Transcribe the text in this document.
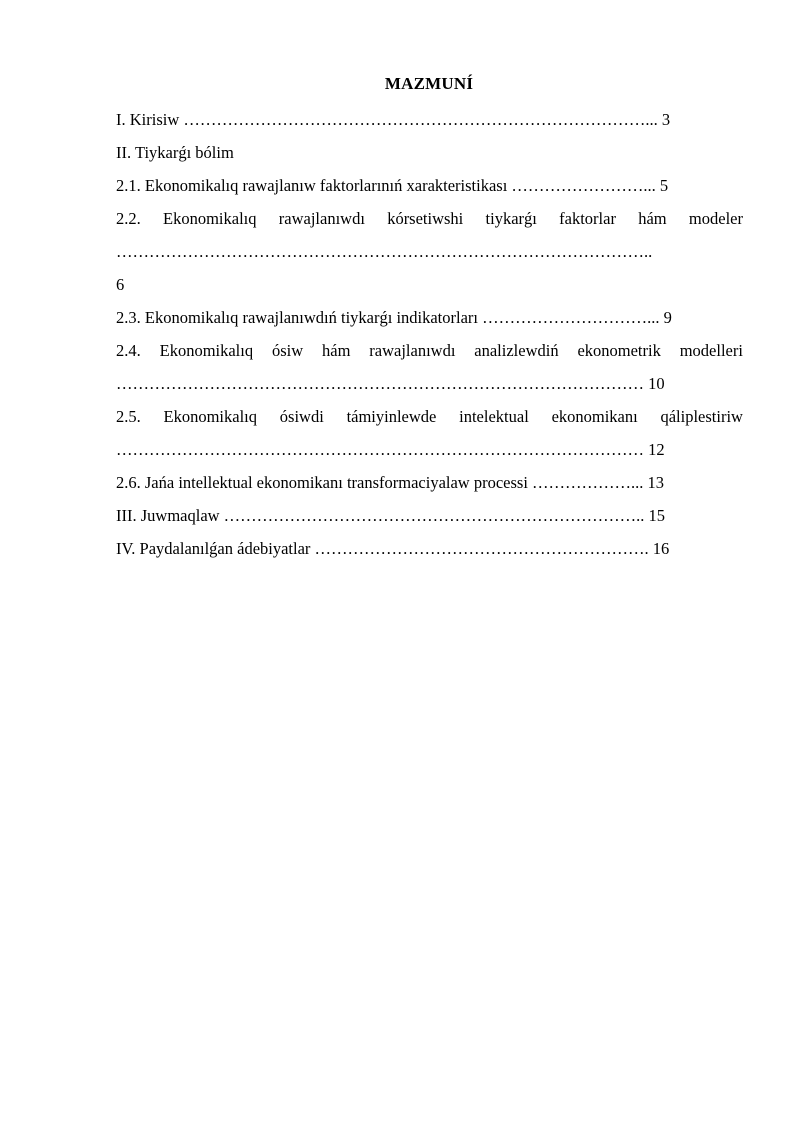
MAZMUNÍ
I. Kirisiw …………………………………………………………………………... 3
II. Tiykarǵı bólim
2.1. Ekonomikalıq rawajlanıw faktorlarınıń xarakteristikası ……………………... 5
2.2. Ekonomikalıq rawajlanıwdı kórsetiwshi tiykarǵı faktorlar hám modeler
……………………………………………………………………………………..
6
2.3. Ekonomikalıq rawajlanıwdıń tiykarǵı indikatorları …………………………... 9
2.4. Ekonomikalıq ósiw hám rawajlanıwdı analizlewdiń ekonometrik modelleri
…………………………………………………………………………………… 10
2.5. Ekonomikalıq ósiwdi támiyinlewde intelektual ekonomikanı qáliplestiriw
…………………………………………………………………………………… 12
2.6. Jańa intellektual ekonomikanı transformaciyalaw processi ………………... 13
III. Juwmaqlaw ………………………………………………………………….. 15
IV. Paydalanılǵan ádebiyatlar ……………………………………………………. 16
